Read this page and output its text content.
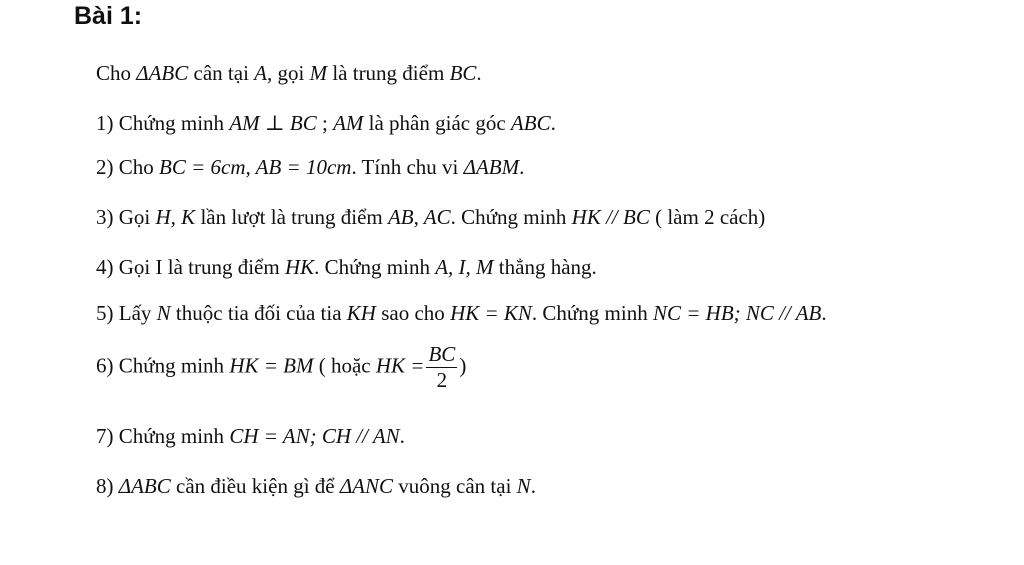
Bài 1:
Cho ΔABC cân tại A, gọi M là trung điểm BC.
1) Chứng minh AM ⊥ BC ; AM là phân giác góc ABC.
2) Cho BC = 6cm, AB = 10cm. Tính chu vi ΔABM.
3) Gọi H, K lần lượt là trung điểm AB, AC. Chứng minh HK // BC ( làm 2 cách)
4) Gọi I là trung điểm HK. Chứng minh A, I, M thẳng hàng.
5) Lấy N thuộc tia đối của tia KH sao cho HK = KN. Chứng minh NC = HB; NC // AB.
6) Chứng minh HK = BM ( hoặc HK = $\frac{BC}{2}$ )
7) Chứng minh CH = AN; CH // AN.
8) ΔABC cần điều kiện gì để ΔANC vuông cân tại N.
